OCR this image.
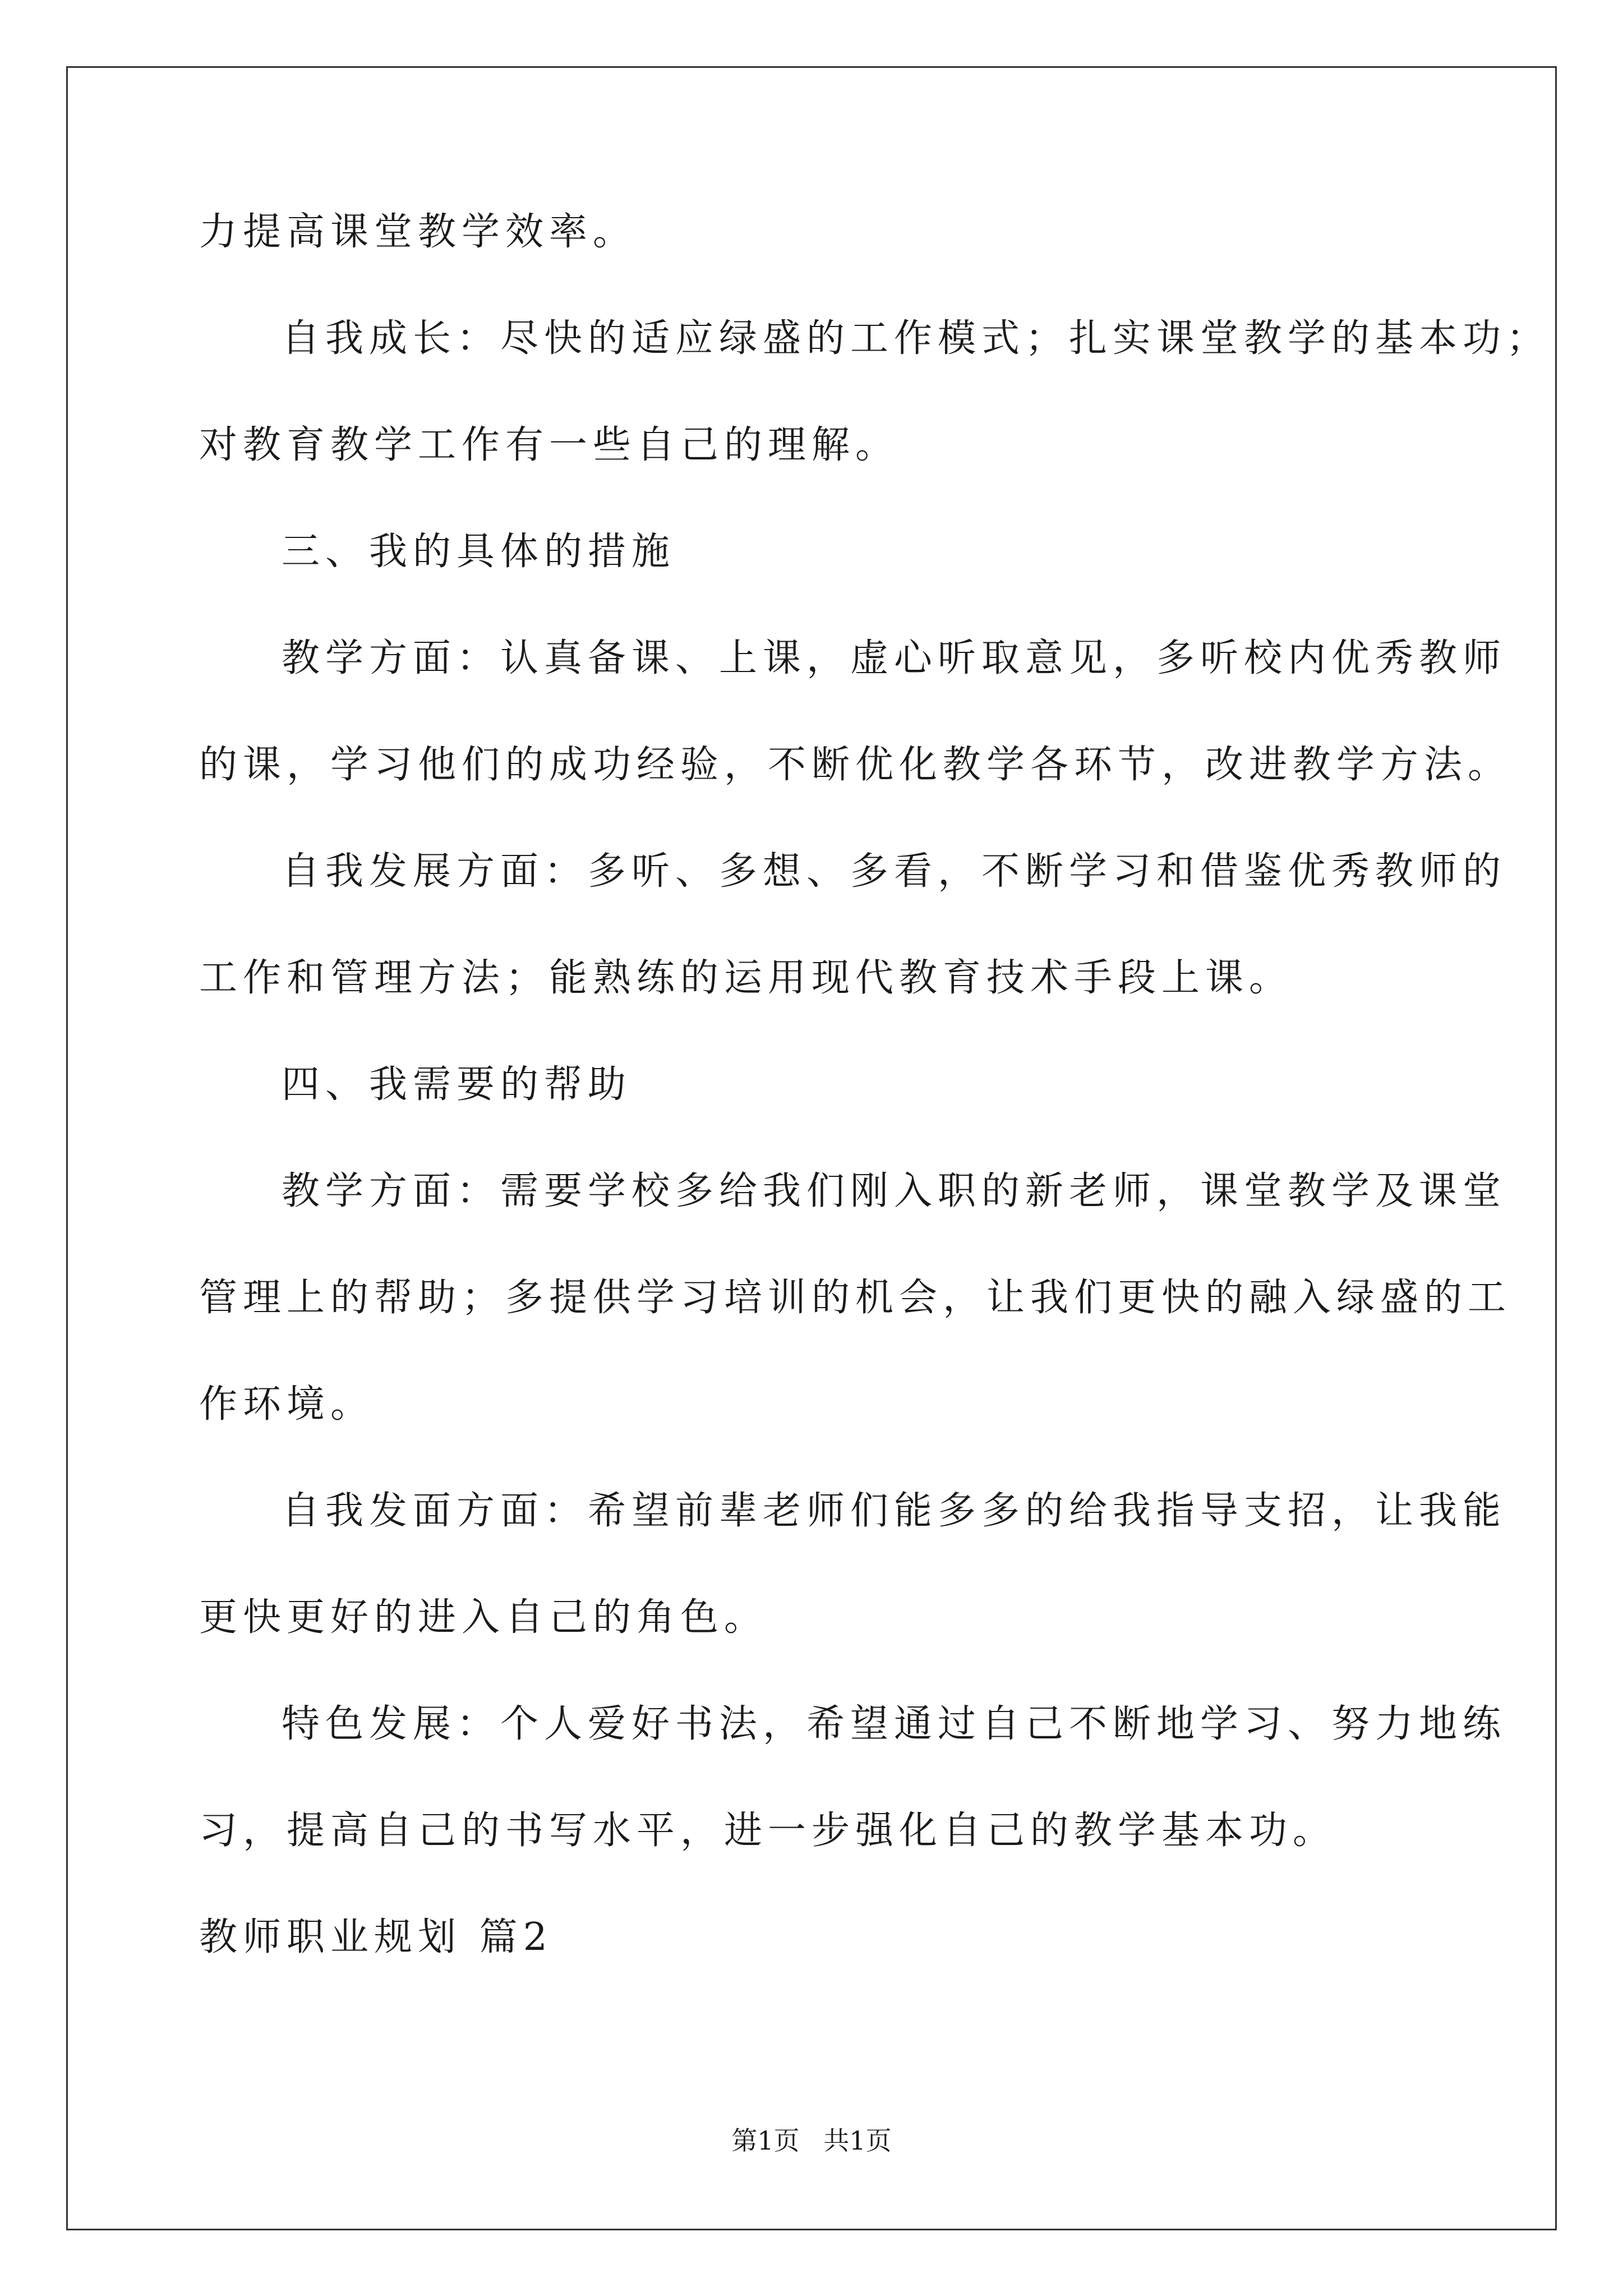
力提高课堂教学效率。
自我成长：尽快的适应绿盛的工作模式；扎实课堂教学的基本功；
对教育教学工作有一些自己的理解。
三、我的具体的措施
教学方面：认真备课、上课，虚心听取意见，多听校内优秀教师
的课，学习他们的成功经验，不断优化教学各环节，改进教学方法。
自我发展方面：多听、多想、多看，不断学习和借鉴优秀教师的
工作和管理方法；能熟练的运用现代教育技术手段上课。
四、我需要的帮助
教学方面：需要学校多给我们刚入职的新老师，课堂教学及课堂
管理上的帮助；多提供学习培训的机会，让我们更快的融入绿盛的工
作环境。
自我发面方面：希望前辈老师们能多多的给我指导支招，让我能
更快更好的进入自己的角色。
特色发展：个人爱好书法，希望通过自己不断地学习、努力地练
习，提高自己的书写水平，进一步强化自己的教学基本功。
教师职业规划 篇2
第1页 共1页
